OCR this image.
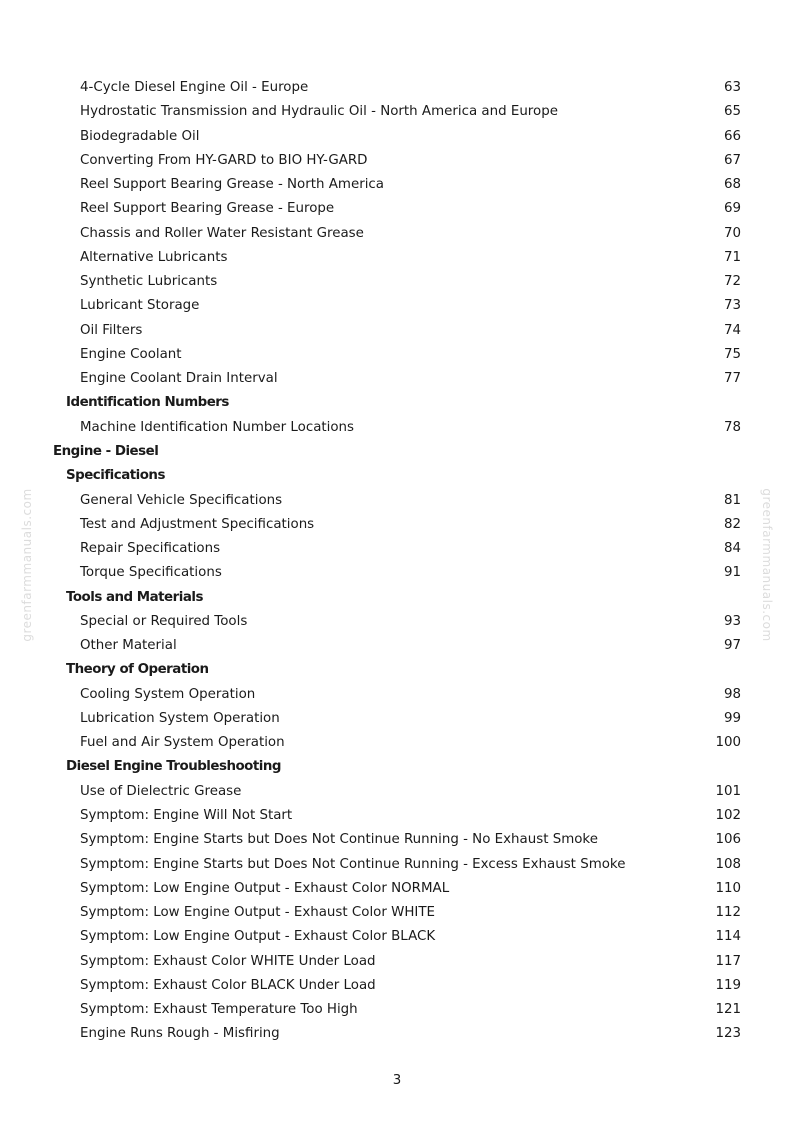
4-Cycle Diesel Engine Oil - Europe	63
Hydrostatic Transmission and Hydraulic Oil - North America and Europe	65
Biodegradable Oil	66
Converting From HY-GARD to BIO HY-GARD	67
Reel Support Bearing Grease - North America	68
Reel Support Bearing Grease - Europe	69
Chassis and Roller Water Resistant Grease	70
Alternative Lubricants	71
Synthetic Lubricants	72
Lubricant Storage	73
Oil Filters	74
Engine Coolant	75
Engine Coolant Drain Interval	77
Identification Numbers
Machine Identification Number Locations	78
Engine - Diesel
Specifications
General Vehicle Specifications	81
Test and Adjustment Specifications	82
Repair Specifications	84
Torque Specifications	91
Tools and Materials
Special or Required Tools	93
Other Material	97
Theory of Operation
Cooling System Operation	98
Lubrication System Operation	99
Fuel and Air System Operation	100
Diesel Engine Troubleshooting
Use of Dielectric Grease	101
Symptom: Engine Will Not Start	102
Symptom: Engine Starts but Does Not Continue Running - No Exhaust Smoke	106
Symptom: Engine Starts but Does Not Continue Running - Excess Exhaust Smoke	108
Symptom: Low Engine Output - Exhaust Color NORMAL	110
Symptom: Low Engine Output - Exhaust Color WHITE	112
Symptom: Low Engine Output - Exhaust Color BLACK	114
Symptom: Exhaust Color WHITE Under Load	117
Symptom: Exhaust Color BLACK Under Load	119
Symptom: Exhaust Temperature Too High	121
Engine Runs Rough - Misfiring	123
greenfarmmanuals.com	greenfarmmanuals.com
3
